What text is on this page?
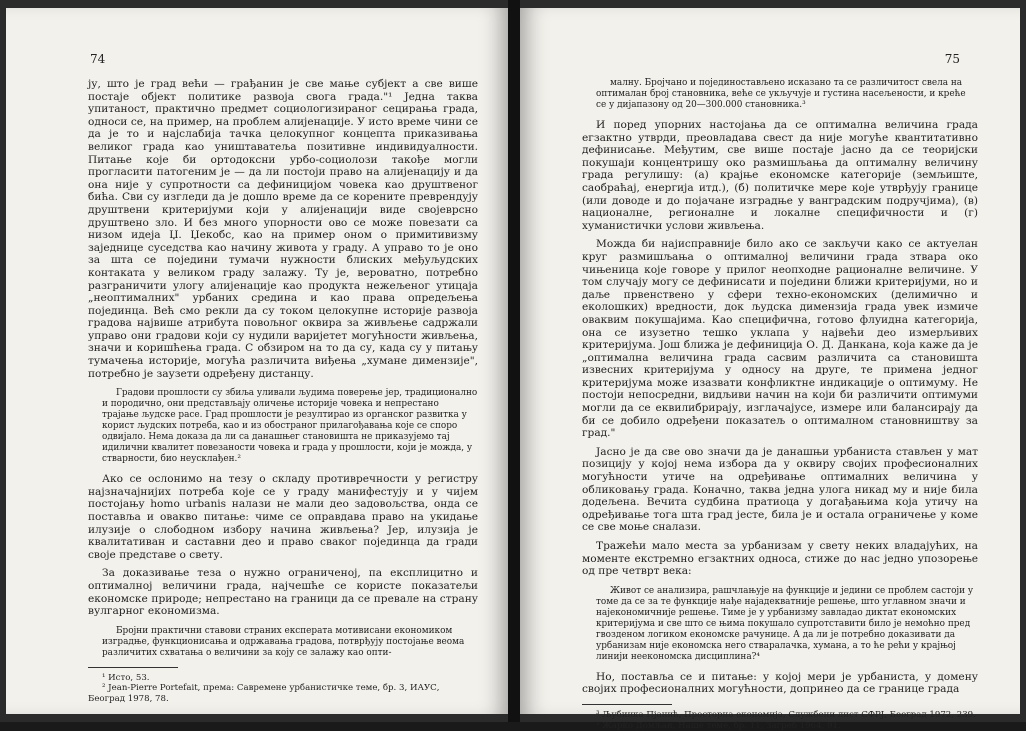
74

ју, што је град већи — грађанин је све мање субјект а све више постаје објект политике развоја свога града."¹ Једна таква упитаност, практично предмет социологизираног сецирања града, односи се, на пример, на проблем алијенације. У исто време чини се да је то и најслабија тачка целокупног концепта приказивања великог града као уништаватеља позитивне индивидуалности. Питање које би ортодоксни урбо-социолози такође могли прогласити патогеним је — да ли постоји право на алијенацију и да она није у супротности са дефиницијом човека као друштвеног бића. Сви су изгледи да је дошло време да се корените преврендују друштвени критеријуми који у алијенацији виде својеврсно друштвено зло. И без много упорности ово се може повезати са низом идеја Џ. Џекобс, као на пример оном о примитивизму заједнице суседства као начину живота у граду. А управо то је оно за шта се поједини тумачи нужности блиских међуљудских контаката у великом граду залажу. Ту је, вероватно, потребно разграничити улогу алијенације као продукта нежељеног утицаја „неоптималних" урбаних средина и као права опредељења појединца. Већ смо рекли да су током целокупне историје развоја градова највише атрибута повољног оквира за живљење садржали управо они градови који су нудили варијетет могућности живљења, значи и коришћења града. С обзиром на то да су, када су у питању тумачења историје, могућа различита виђења „хумане димензије", потребно је заузети одређену дистанцу.

Градови прошлости су збиља уливали људима поверење јер, традиционално и породично, они представљају оличење историје човека и непрестано трајање људске расе. Град прошлости је резултирао из органског развитка у корист људских потреба, као и из обостраног прилагођавања које се споро одвијало. Нема доказа да ли са данашњег становишта не приказујемо тај идилични квалитет повезаности човека и града у прошлости, који је можда, у стварности, био неусклађен.²

Ако се ослонимо на тезу о складу противречности у регистру најзначајнијих потреба које се у граду манифестују и у чијем постојању homo urbanis налази не мали део задовољства, онда се поставља и овакво питање: чиме се оправдава право на укидање илузије о слободном избору начина живљења? Јер, илузија је квалитативан и саставни део и право сваког појединца да гради своје представе о свету.

За доказивање теза о нужно ограниченој, па експлицитно и оптималној величини града, најчешће се користе показатељи економске природе; непрестано на граници да се превале на страну вулгарног економизма.

Бројни практични ставови страних експерата мотивисани економиком изградње, функционисања и одржавања градова, потврђују постојање веома различитих схватања о величини за коју се залажу као опти-
¹ Исто, 53.
² Jean-Pierre Portefait, према: Савремене урбанистичке теме, бр. 3, ИАУС, Београд 1978, 78.
75
малну. Бројчано и појединостављено исказано та се различитост свела на оптималан број становника, веће се укључује и густина насељености, и креће се у дијапазону од 20—300.000 становника.³

И поред упорних настојања да се оптимална величина града егзактно утврди, преовладава свест да није могуће квантитативно дефинисање. Међутим, све више постаје јасно да се теоријски покушаји концентришу око размишљања да оптималну величину града регулишу: (а) крајње економске категорије (земљиште, саобраћај, енергија итд.), (б) политичке мере које утврђују границе (или доводе и до појачане изградње у ванградским подручјима), (в) националне, регионалне и локалне специфичности и (г) хуманистички услови живљења.

Можда би најисправније било ако се закључи како се актуелан круг размишљања о оптималној величини града зтвара око чињеница које говоре у прилог неопходне рационалне величине. У том случају могу се дефинисати и поједини ближи критеријуми, но и даље првенствено у сфери техно-економских (делимично и еколошких) вредности, док људска димензија града увек измиче оваквим покушајима. Као специфична, готово флуидна категорија, она се изузетно тешко уклапа у највећи део измерљивих критеријума. Још ближа је дефиниција О. Д. Данкана, која каже да је „оптимална величина града сасвим различита са становишта извесних критеријума у односу на друге, те примена једног критеријума може изазвати конфликтне индикације о оптимуму. Не постоји непосредни, видљиви начин на који би различити оптимуми могли да се еквилибрирају, изглачајусе, измере или балансирају да би се добило одређени показатељ о оптималном становништву за град."

Јасно је да све ово значи да је данашњи урбаниста стављен у мат позицију у којој нема избора да у оквиру својих професионалних могућности утиче на одређивање оптималних величина у обликовању града. Коначно, таква једна улога никад му и није била додељена. Вечита судбина пратиоца у догађањима која утичу на одређивање тога шта град јесте, била је и остала ограничење у коме се све моње сналази.

Тражећи мало места за урбанизам у свету неких владајућих, на моменте екстремно егзактних односа, стиже до нас једно упозорење од пре четврт века:

Живот се анализира, рашчлањује на функције и једини се проблем састоји у томе да се за те функције нађе најадекватније решење, што углавном значи и најекономичније решење. Тиме је у урбанизму завладао диктат економских критеријума и све што се њима покушало супротставити било је немоћно пред гвозденом логиком економске рачунице. А да ли је потребно доказивати да урбанизам није економска него стваралачка, хумана, а то ће рећи у крајњој линији неекономска дисциплина?⁴

Но, поставља се и питање: у којој мери је урбаниста, у домену својих професионалних могућности, допринео да се границе града

³ Љубинка Пјанић, Просторна економија, Службени лист СФРЈ, Београд 1972, 239.
⁴ Жарко Домљан, Наше теме, бр. 11, Загреб 1964, 91.
